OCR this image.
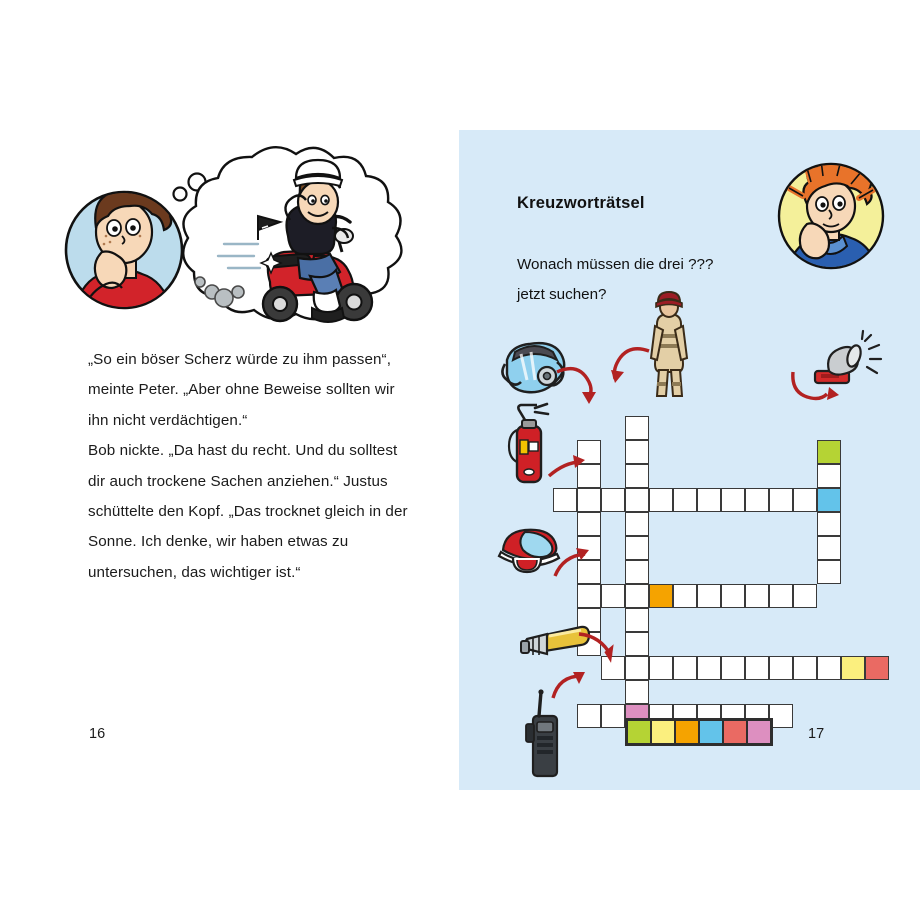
„So ein böser Scherz würde zu ihm passen“, meinte Peter. „Aber ohne Beweise sollten wir ihn nicht verdächtigen.“

Bob nickte. „Da hast du recht. Und du solltest dir auch trockene Sachen anziehen.“ Justus schüttelte den Kopf. „Das trocknet gleich in der Sonne. Ich denke, wir haben etwas zu untersuchen, das wichtiger ist.“

16
Kreuzworträtsel

Wonach müssen die drei ???

jetzt suchen?

17
